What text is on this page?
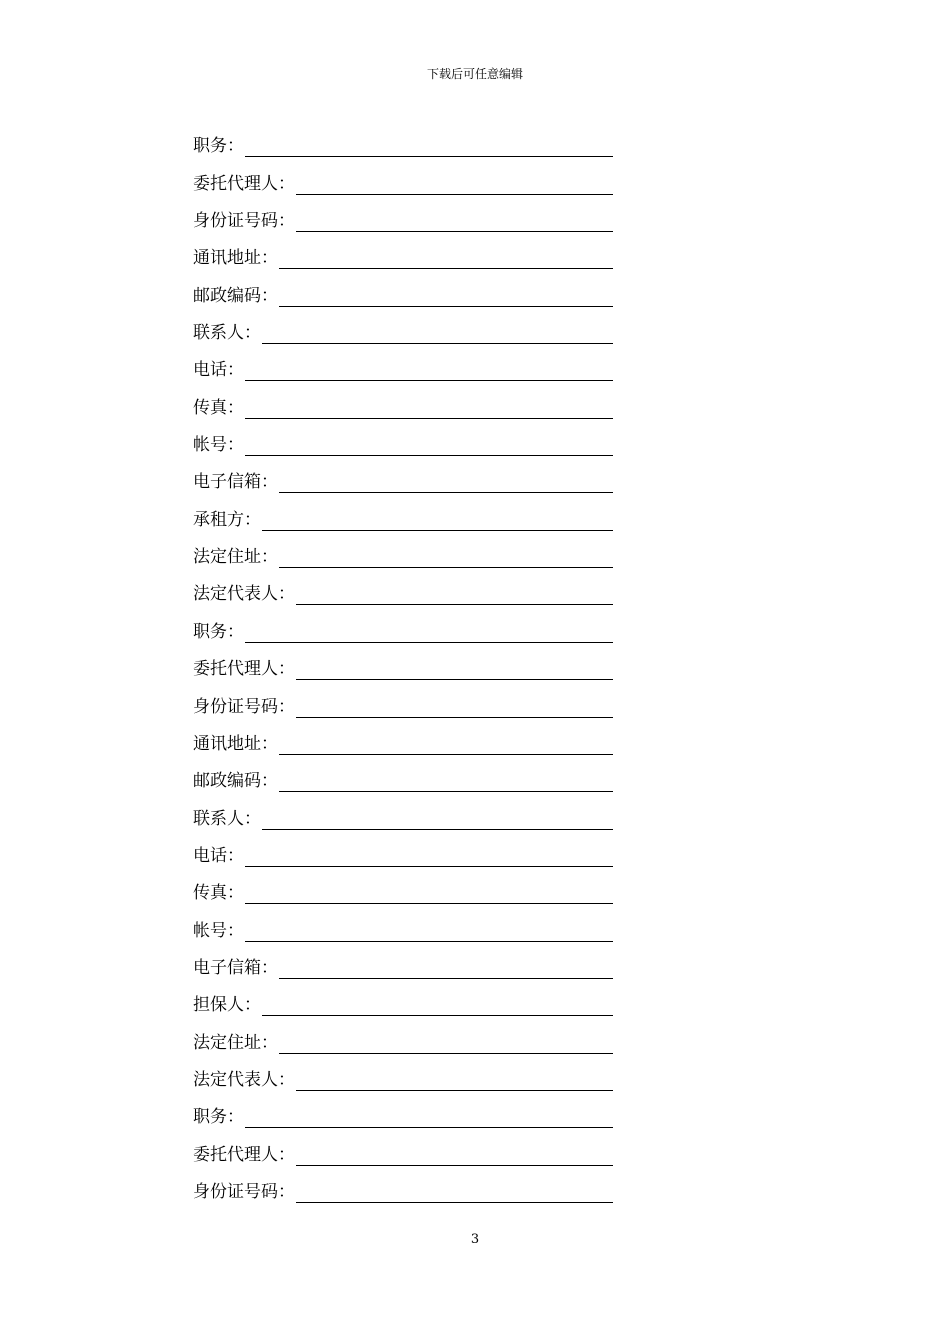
下载后可任意编辑
职务：
委托代理人：
身份证号码：
通讯地址：
邮政编码：
联系人：
电话：
传真：
帐号：
电子信箱：
承租方：
法定住址：
法定代表人：
职务：
委托代理人：
身份证号码：
通讯地址：
邮政编码：
联系人：
电话：
传真：
帐号：
电子信箱：
担保人：
法定住址：
法定代表人：
职务：
委托代理人：
身份证号码：
3
